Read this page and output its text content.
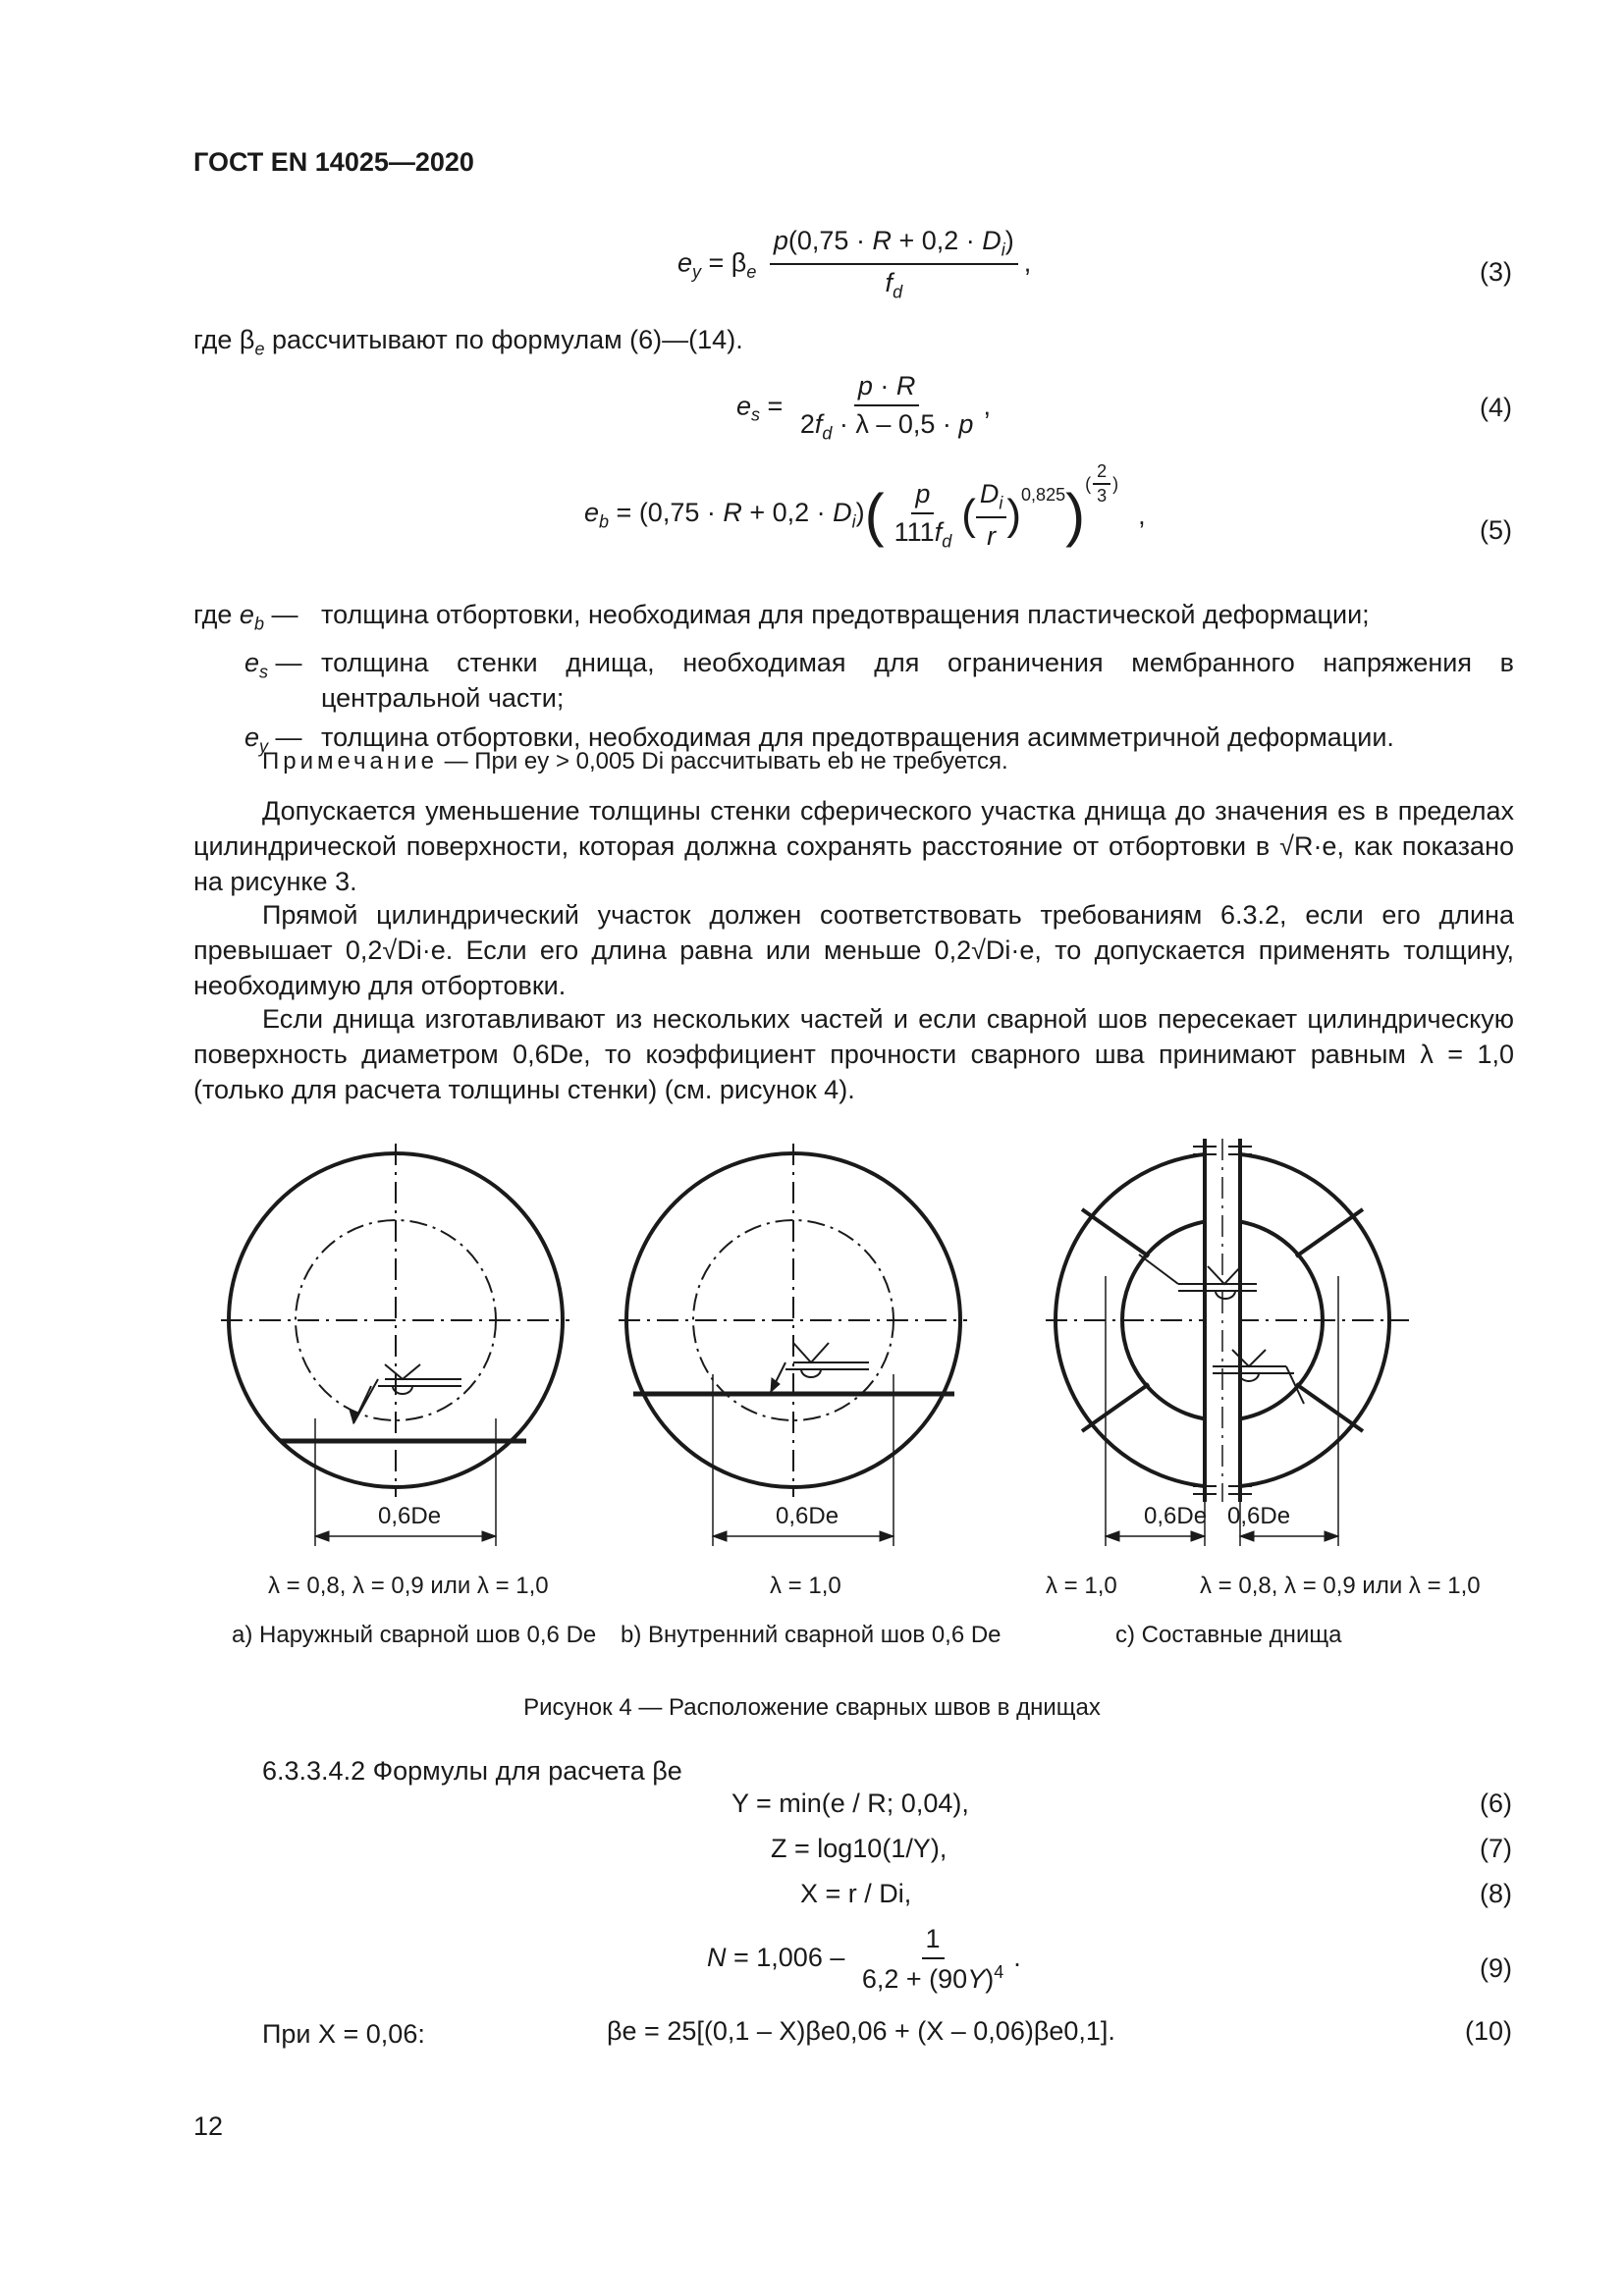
ГОСТ EN 14025—2020
$e_y = \beta_e \frac{p(0,75 \cdot R + 0,2 \cdot D_i)}{f_d}$ ,	(3)
где $\beta_e$ рассчитывают по формулам (6)—(14).
$e_s = \frac{p \cdot R}{2f_d \cdot \lambda - 0,5 \cdot p}$ ,	(4)
$e_b = (0,75 \cdot R + 0,2 \cdot D_i)$ ( $\frac{p}{111f_d}$ ( $\frac{D_i}{r} )^{0,825}$ ) ( $\frac{2}{3}$ )
,
(5)
где $e_b$ — толщина отбортовки, необходимая для предотвращения пластической деформации;
$e_s$ — толщина стенки днища, необходимая для ограничения мембранного напряжения в центральной части;
$e_y$ — толщина отбортовки, необходимая для предотвращения асимметричной деформации.
Примечание — При ey > 0,005 Di рассчитывать eb не требуется.
Допускается уменьшение толщины стенки сферического участка днища до значения es в пределах цилиндрической поверхности, которая должна сохранять расстояние от отбортовки в √R·e, как показано на рисунке 3.
Прямой цилиндрический участок должен соответствовать требованиям 6.3.2, если его длина превышает 0,2√Di·e. Если его длина равна или меньше 0,2√Di·e, то допускается применять толщину, необходимую для отбортовки.
Если днища изготавливают из нескольких частей и если сварной шов пересекает цилиндрическую поверхность диаметром 0,6De, то коэффициент прочности сварного шва принимают равным λ = 1,0 (только для расчета толщины стенки) (см. рисунок 4).
0,6De	0,6De	0,6De 0,6De
λ = 0,8, λ = 0,9 или λ = 1,0	λ = 1,0	λ = 1,0	λ = 0,8, λ = 0,9 или λ = 1,0
a) Наружный сварной шов 0,6 De b) Внутренний сварной шов 0,6 De	c) Составные днища
Рисунок 4 — Расположение сварных швов в днищах
6.3.3.4.2 Формулы для расчета βe
Y = min(e / R; 0,04),	(6)
Z = log10(1/Y),	(7)
X = r / Di,	(8)
$N = 1,006 - \frac{1}{6,2 + (90Y)^4}$ .	(9)
При X = 0,06:	βe = 25[(0,1 – X)βe0,06 + (X – 0,06)βe0,1].	(10)
12
